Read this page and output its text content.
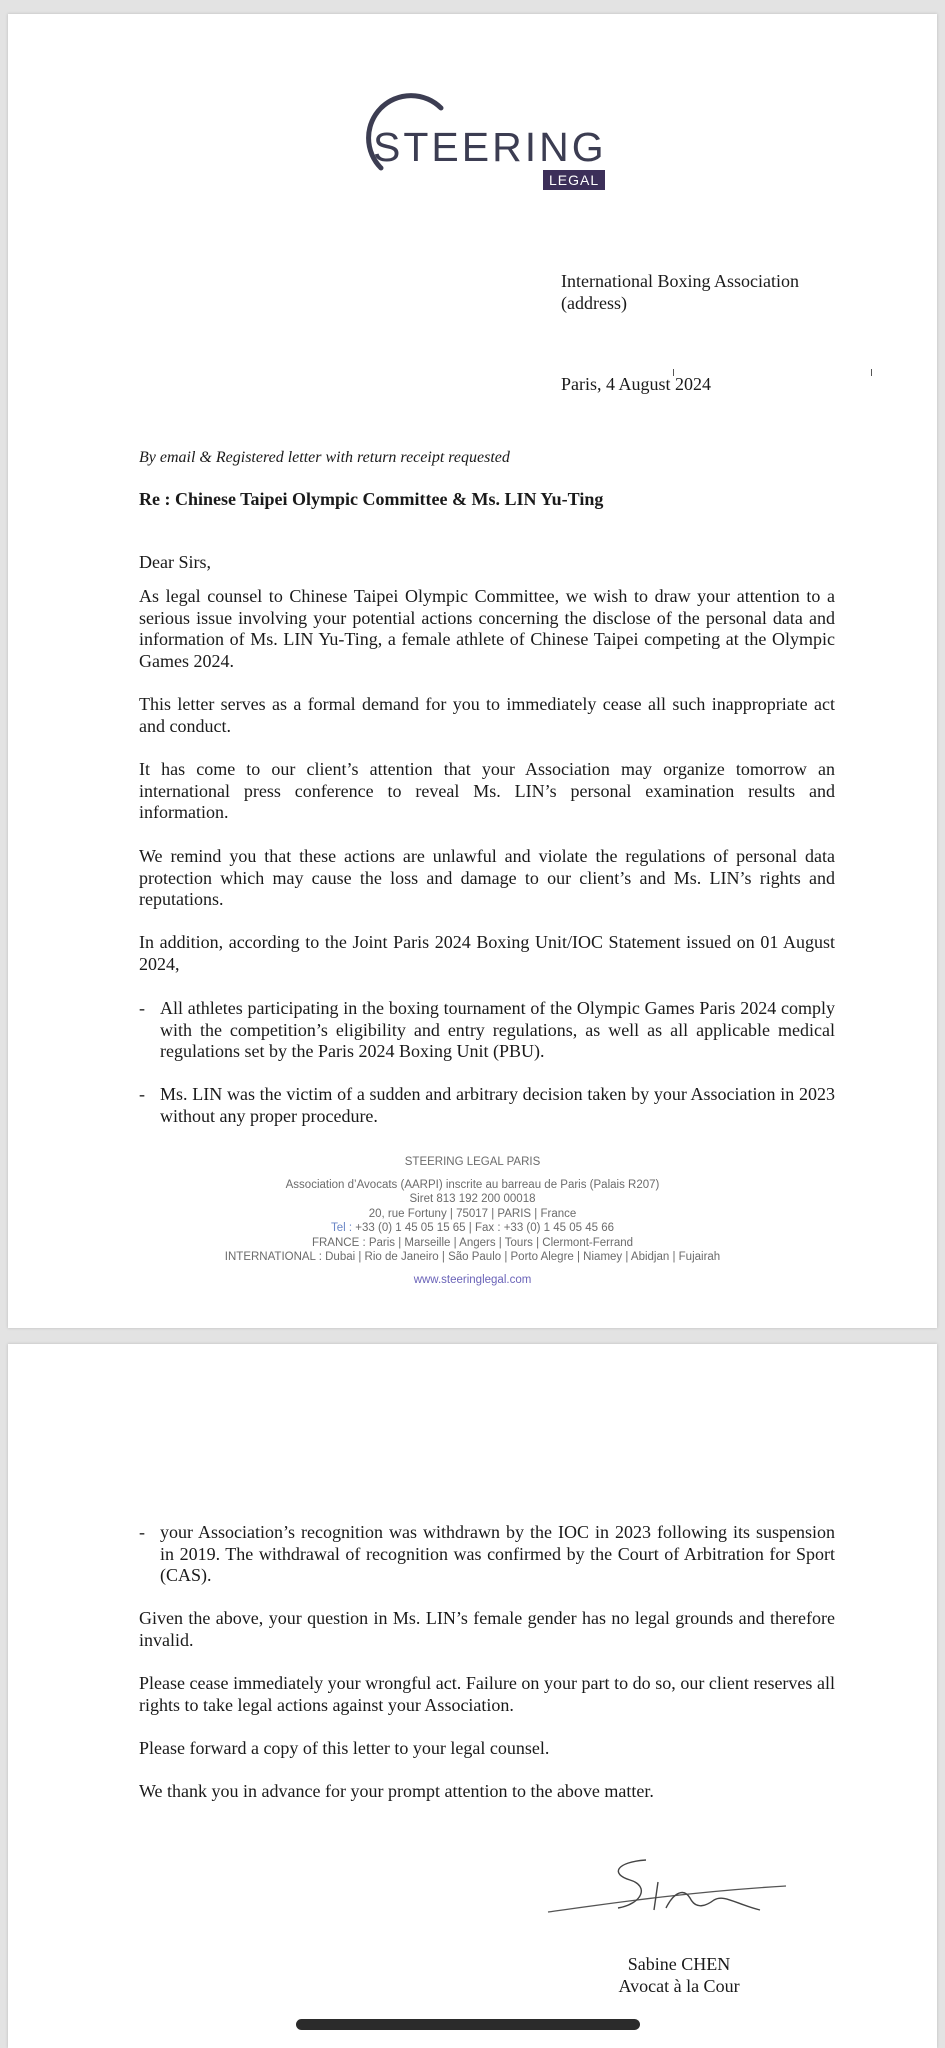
STEERING
LEGAL
International Boxing Association
(address)
Paris, 4 August 2024
By email & Registered letter with return receipt requested
Re : Chinese Taipei Olympic Committee & Ms. LIN Yu-Ting
Dear Sirs,

As legal counsel to Chinese Taipei Olympic Committee, we wish to draw your attention to a serious issue involving your potential actions concerning the disclose of the personal data and information of Ms. LIN Yu-Ting, a female athlete of Chinese Taipei competing at the Olympic Games 2024.

This letter serves as a formal demand for you to immediately cease all such inappropriate act and conduct.

It has come to our client’s attention that your Association may organize tomorrow an international press conference to reveal Ms. LIN’s personal examination results and information.

We remind you that these actions are unlawful and violate the regulations of personal data protection which may cause the loss and damage to our client’s and Ms. LIN’s rights and reputations.

In addition, according to the Joint Paris 2024 Boxing Unit/IOC Statement issued on 01 August 2024,

- All athletes participating in the boxing tournament of the Olympic Games Paris 2024 comply with the competition’s eligibility and entry regulations, as well as all applicable medical regulations set by the Paris 2024 Boxing Unit (PBU).
- Ms. LIN was the victim of a sudden and arbitrary decision taken by your Association in 2023 without any proper procedure.
STEERING LEGAL PARIS
Association d’Avocats (AARPI) inscrite au barreau de Paris (Palais R207)
Siret 813 192 200 00018
20, rue Fortuny | 75017 | PARIS | France
Tel : +33 (0) 1 45 05 15 65 | Fax : +33 (0) 1 45 05 45 66
FRANCE : Paris | Marseille | Angers | Tours | Clermont-Ferrand
INTERNATIONAL : Dubai | Rio de Janeiro | São Paulo | Porto Alegre | Niamey | Abidjan | Fujairah
www.steeringlegal.com
- your Association’s recognition was withdrawn by the IOC in 2023 following its suspension in 2019. The withdrawal of recognition was confirmed by the Court of Arbitration for Sport (CAS).

Given the above, your question in Ms. LIN’s female gender has no legal grounds and therefore invalid.

Please cease immediately your wrongful act. Failure on your part to do so, our client reserves all rights to take legal actions against your Association.

Please forward a copy of this letter to your legal counsel.

We thank you in advance for your prompt attention to the above matter.

Sabine CHEN
Avocat à la Cour
